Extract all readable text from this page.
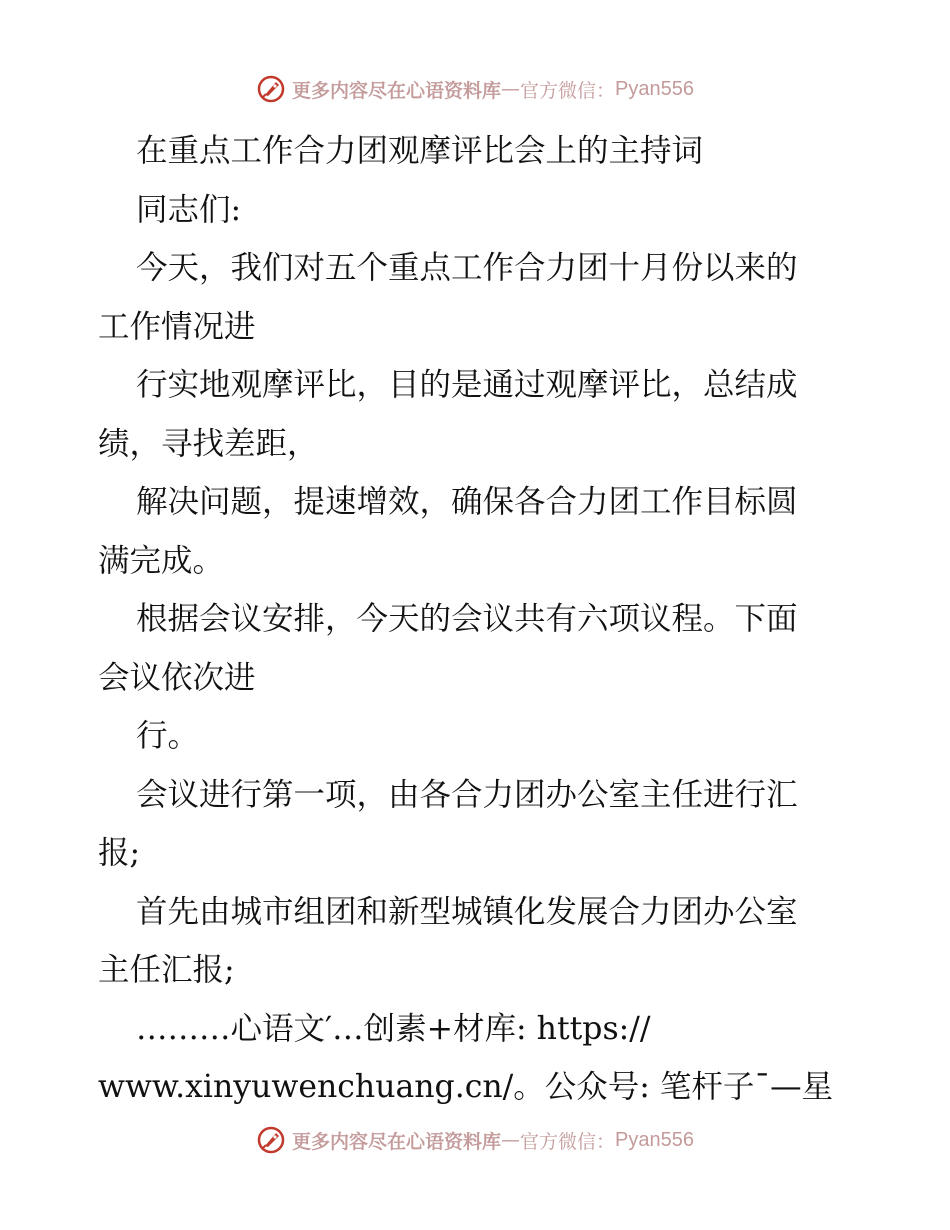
更多内容尽在心语资料库 — 官方微信： Pyan556
在重点工作合力团观摩评比会上的主持词
同志们:
今天，我们对五个重点工作合力团十月份以来的
工作情况进
行实地观摩评比，目的是通过观摩评比，总结成
绩，寻找差距，
解决问题，提速增效，确保各合力团工作目标圆
满完成。
根据会议安排，今天的会议共有六项议程。下面
会议依次进
行。
会议进行第一项，由各合力团办公室主任进行汇
报;
首先由城市组团和新型城镇化发展合力团办公室
主任汇报;
………心语文′…创素+材库: https://
www.xinyuwenchuang.cn/。公众号: 笔杆子¯—星
更多内容尽在心语资料库 — 官方微信： Pyan556
